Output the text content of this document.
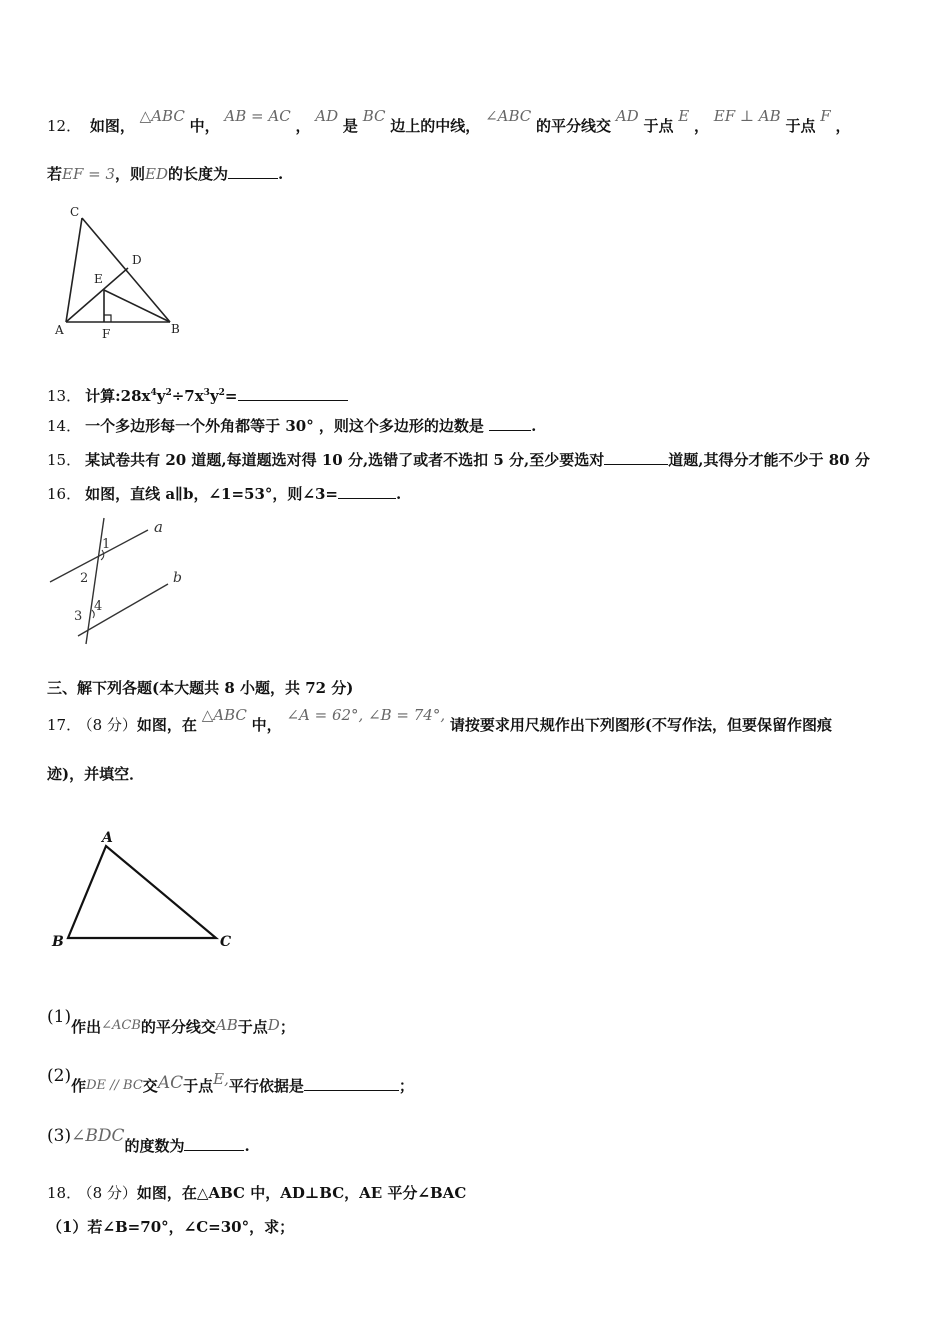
12． 如图， △ABC 中， AB = AC ， AD 是 BC 边上的中线， ∠ABC 的平分线交 AD 于点 E ， EF ⊥ AB 于点 F ，
若EF = 3，则ED的长度为	.
C
D
E
A	F	B
13． 计算$:28x^4y^2\div 7x^3y^2=$
14． 一个多边形每一个外角都等于 30° ，则这个多边形的边数是	.
15． 某试卷共有 20 道题,每道题选对得 10 分,选错了或者不选扣 5 分,至少要选对	道题,其得分才能不少于 80 分
16． 如图，直线 a∥b，∠1=53°，则∠3=	.
a
b
1
2
3
4
三、解下列各题(本大题共 8 小题，共 72 分)
17． （8 分）如图，在 △ABC 中， ∠A = 62°, ∠B = 74°, 请按要求用尺规作出下列图形(不写作法，但要保留作图痕
迹)，并填空．
A
B	C
(1)作出∠ACB的平分线交AB于点D；
(2)作DE // BC交AC于点E,平行依据是	；
(3)∠BDC的度数为	.
18． （8 分）如图，在△ABC 中，AD⊥BC，AE 平分∠BAC
（1）若∠B=70°，∠C=30°，求；
